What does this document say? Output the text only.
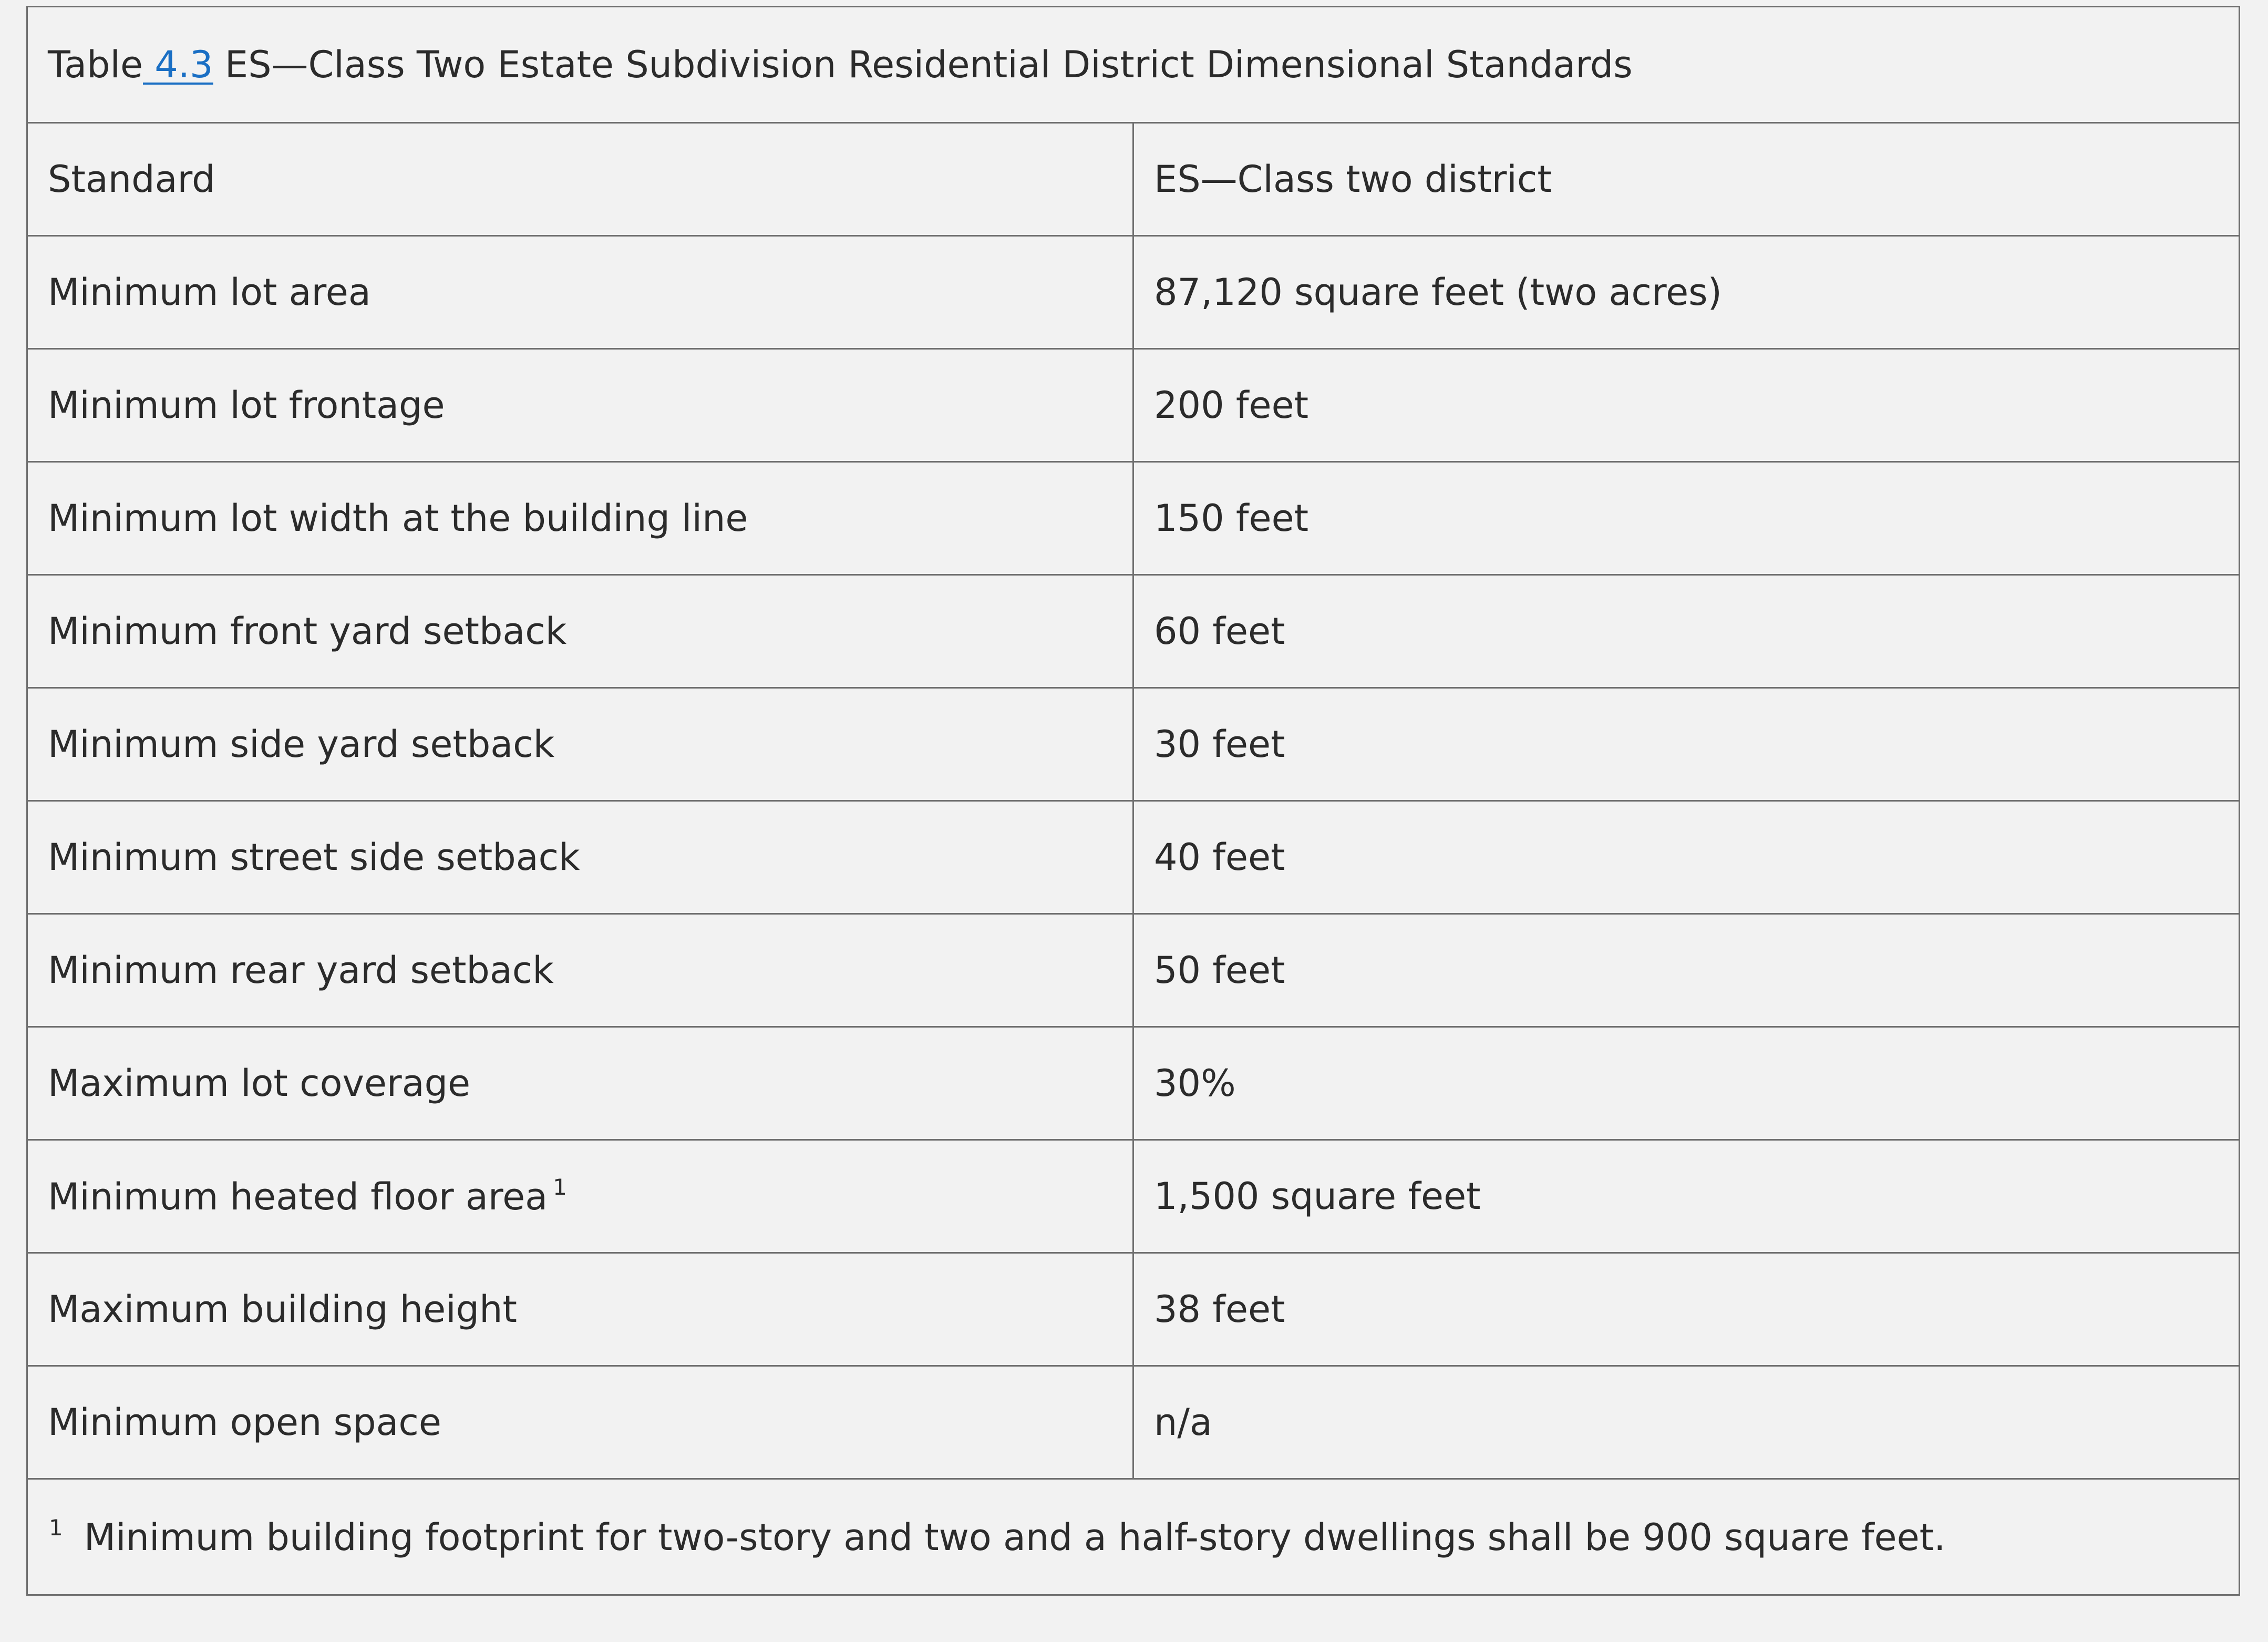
Table 4.3 ES—Class Two Estate Subdivision Residential District Dimensional Standards	
Standard	ES—Class two district
Minimum lot area	87,120 square feet (two acres)
Minimum lot frontage	200 feet
Minimum lot width at the building line	150 feet
Minimum front yard setback	60 feet
Minimum side yard setback	30 feet
Minimum street side setback	40 feet
Minimum rear yard setback	50 feet
Maximum lot coverage	30%
Minimum heated floor area $^1$	1,500 square feet
Maximum building height	38 feet
Minimum open space	n/a
$^1$ Minimum building footprint for two-story and two and a half-story dwellings shall be 900 square feet.	
